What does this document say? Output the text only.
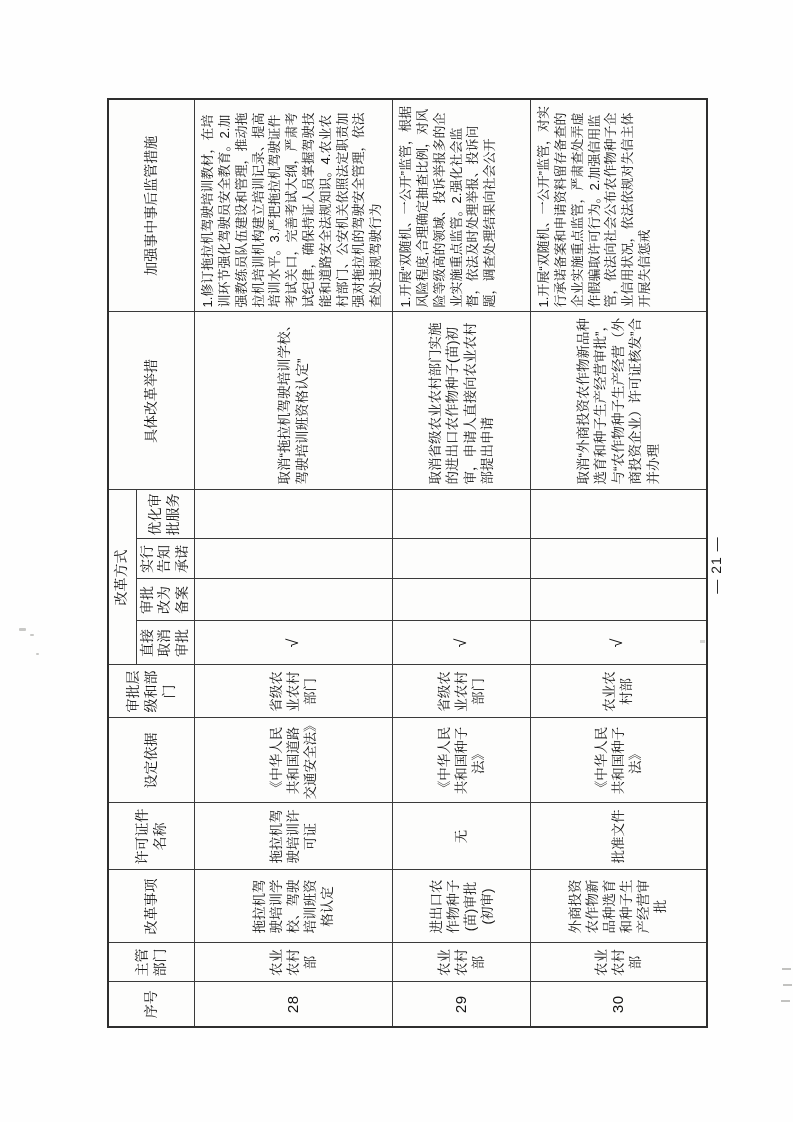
序号	主管部门	改革事项	许可证件名称	设定依据	审批层级和部门	改革方式				具体改革举措	加强事中事后监管措施
						直接取消审批	审批改为备案	实行告知承诺	优化审批服务		
28	农业农村部	拖拉机驾驶培训学校、驾驶培训班资格认定	拖拉机驾驶培训许可证	《中华人民共和国道路交通安全法》	省级农业农村部门	√				取消“拖拉机驾驶培训学校、驾驶培训班资格认定”	1.修订拖拉机驾驶培训教材，在培训环节强化驾驶员安全教育。2.加强教练员队伍建设和管理，推动拖拉机培训机构建立培训记录、提高培训水平。3.严把拖拉机驾驶证件考试关口，完善考试大纲，严肃考试纪律，确保持证人员掌握驾驶技能和道路安全法规知识。4.农业农村部门、公安机关依照法定职责加强对拖拉机的驾驶安全管理，依法查处违规驾驶行为
29	农业农村部	进出口农作物种子(苗)审批(初审)	无	《中华人民共和国种子法》	省级农业农村部门	√				取消省级农业农村部门实施的进出口农作物种子(苗)初审，申请人直接向农业农村部提出申请	1.开展“双随机、一公开”监管，根据风险程度,合理确定抽查比例，对风险等级高的领域、投诉举报多的企业实施重点监管。2.强化社会监督，依法及时处理举报、投诉问题，调查处理结果向社会公开
30	农业农村部	外商投资农作物新品种选育和种子生产经营审批	批准文件	《中华人民共和国种子法》	农业农村部	√				取消“外商投资农作物新品种选育和种子生产经营审批”，与“农作物种子生产经营（外商投资企业）许可证核发”合并办理	1.开展“双随机、一公开”监管，对实行承诺备案和申请资料留存备查的企业实施重点监管，严肃查处弄虚作假骗取许可行为。2.加强信用监管，依法向社会公布农作物种子企业信用状况，依法依规对失信主体开展失信惩戒
— 21 —
